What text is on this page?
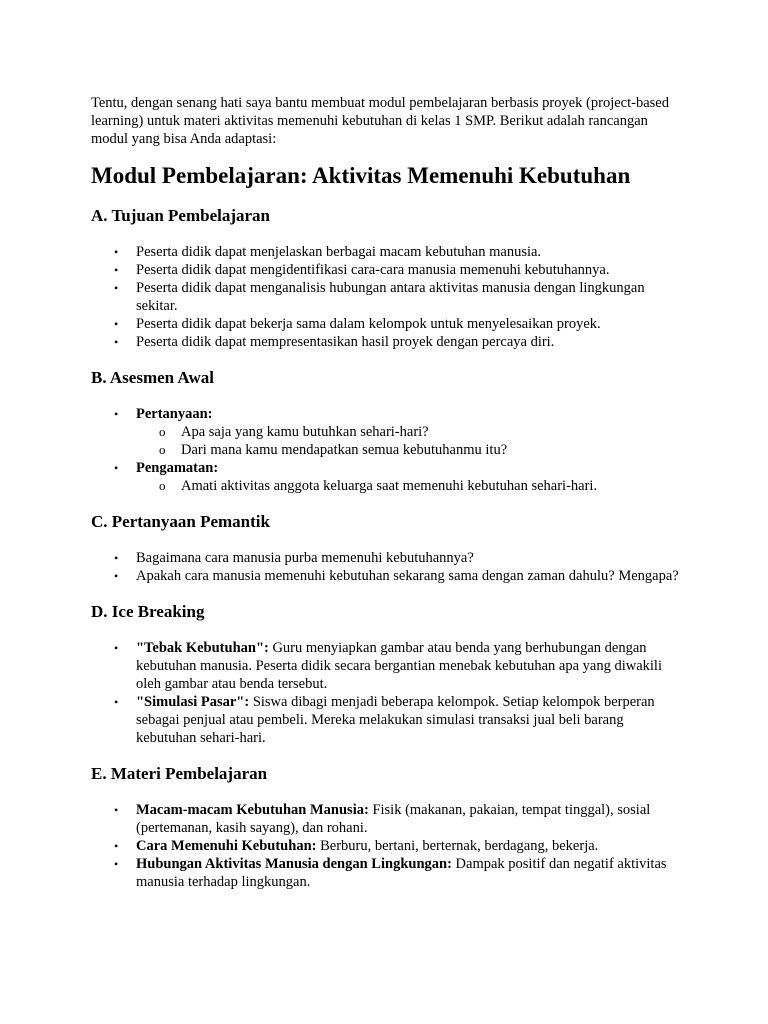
Tentu, dengan senang hati saya bantu membuat modul pembelajaran berbasis proyek (project-based learning) untuk materi aktivitas memenuhi kebutuhan di kelas 1 SMP. Berikut adalah rancangan modul yang bisa Anda adaptasi:

Modul Pembelajaran: Aktivitas Memenuhi Kebutuhan
A. Tujuan Pembelajaran
•	Peserta didik dapat menjelaskan berbagai macam kebutuhan manusia.
•	Peserta didik dapat mengidentifikasi cara-cara manusia memenuhi kebutuhannya.
•	Peserta didik dapat menganalisis hubungan antara aktivitas manusia dengan lingkungan sekitar.
•	Peserta didik dapat bekerja sama dalam kelompok untuk menyelesaikan proyek.
•	Peserta didik dapat mempresentasikan hasil proyek dengan percaya diri.
B. Asesmen Awal
•	Pertanyaan:
o Apa saja yang kamu butuhkan sehari-hari?
o Dari mana kamu mendapatkan semua kebutuhanmu itu?
•	Pengamatan:
o Amati aktivitas anggota keluarga saat memenuhi kebutuhan sehari-hari.
C. Pertanyaan Pemantik
•	Bagaimana cara manusia purba memenuhi kebutuhannya?
•	Apakah cara manusia memenuhi kebutuhan sekarang sama dengan zaman dahulu? Mengapa?
D. Ice Breaking
•	"Tebak Kebutuhan": Guru menyiapkan gambar atau benda yang berhubungan dengan kebutuhan manusia. Peserta didik secara bergantian menebak kebutuhan apa yang diwakili oleh gambar atau benda tersebut.
•	"Simulasi Pasar": Siswa dibagi menjadi beberapa kelompok. Setiap kelompok berperan sebagai penjual atau pembeli. Mereka melakukan simulasi transaksi jual beli barang kebutuhan sehari-hari.
E. Materi Pembelajaran
•	Macam-macam Kebutuhan Manusia: Fisik (makanan, pakaian, tempat tinggal), sosial (pertemanan, kasih sayang), dan rohani.
•	Cara Memenuhi Kebutuhan: Berburu, bertani, berternak, berdagang, bekerja.
•	Hubungan Aktivitas Manusia dengan Lingkungan: Dampak positif dan negatif aktivitas manusia terhadap lingkungan.
